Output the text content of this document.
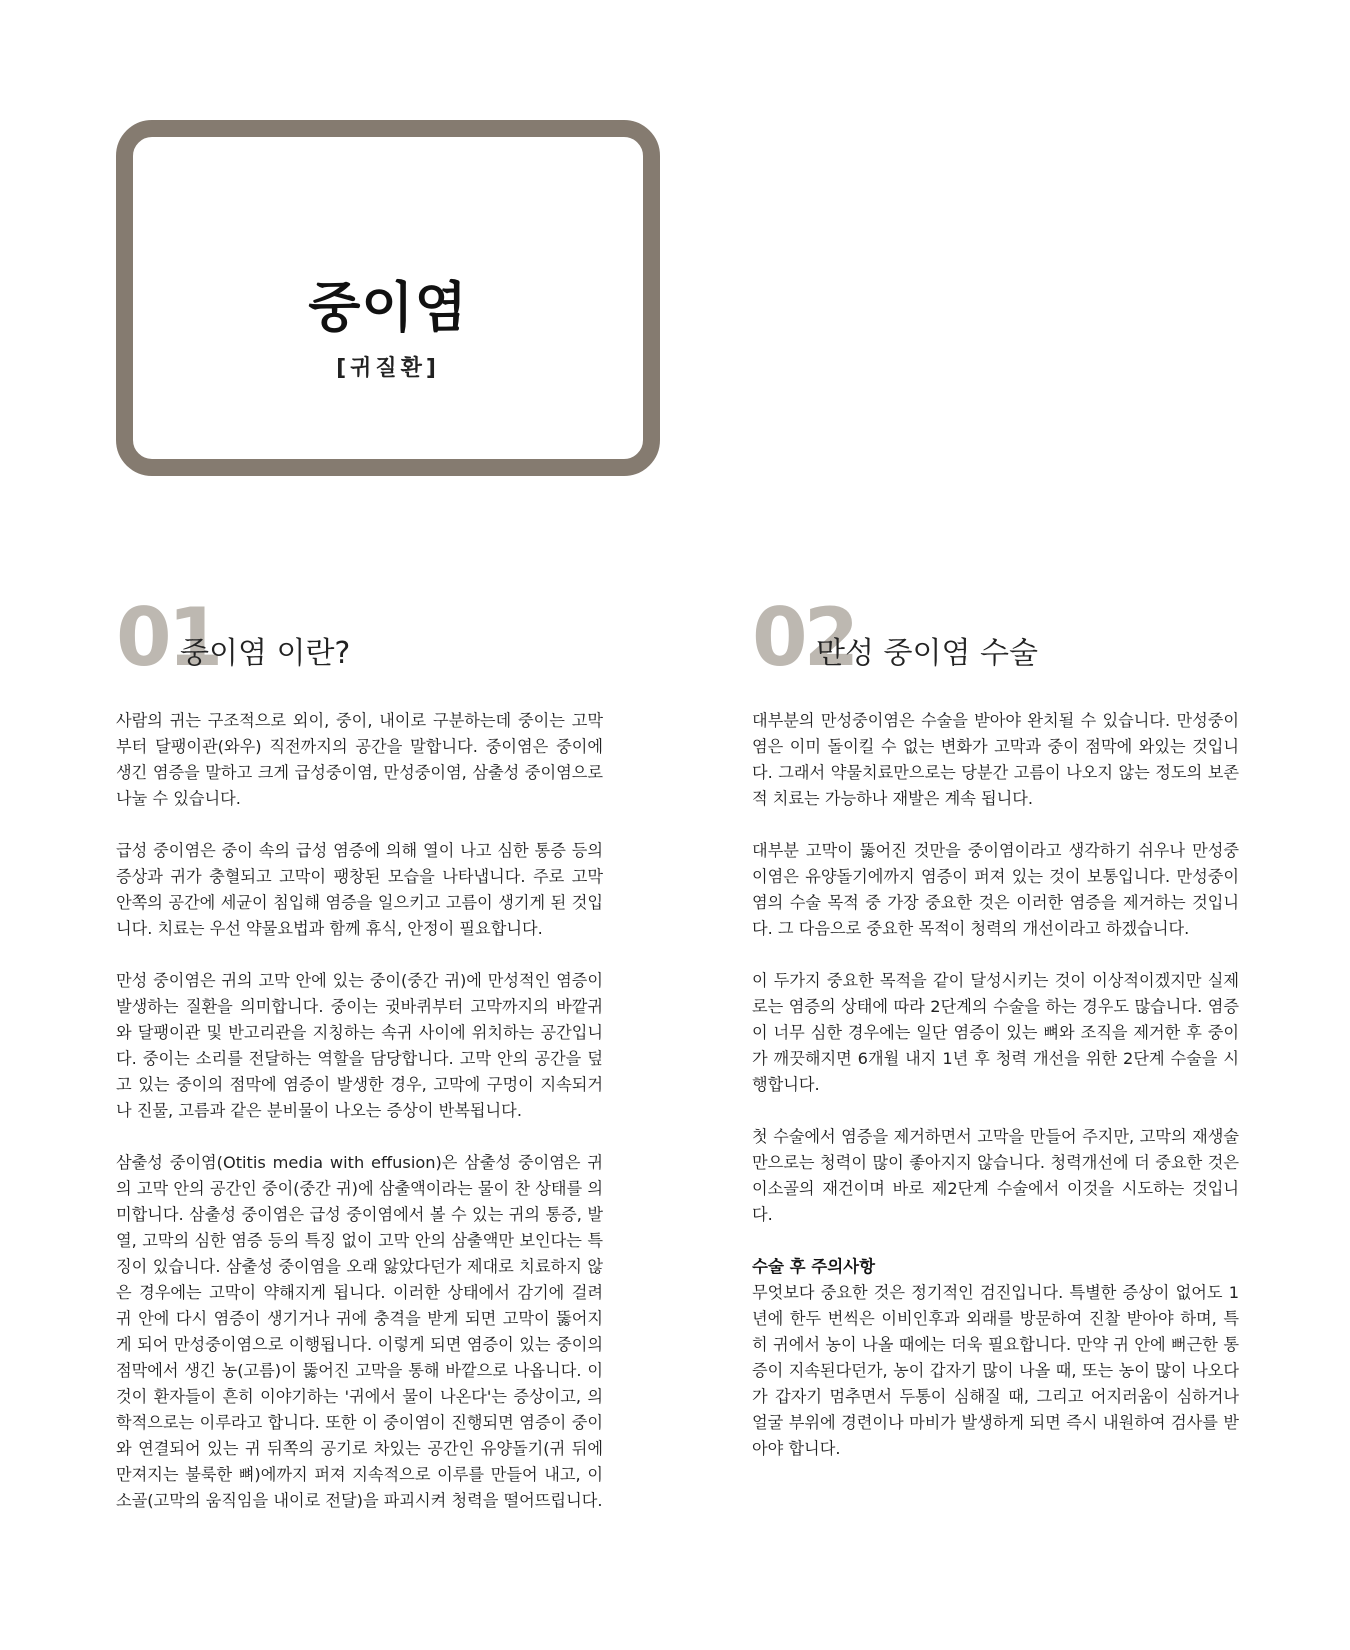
중이염
[귀질환]
01
중이염 이란?

사람의 귀는 구조적으로 외이, 중이, 내이로 구분하는데 중이는 고막부터 달팽이관(와우) 직전까지의 공간을 말합니다. 중이염은 중이에 생긴 염증을 말하고 크게 급성중이염, 만성중이염, 삼출성 중이염으로 나눌 수 있습니다.

급성 중이염은 중이 속의 급성 염증에 의해 열이 나고 심한 통증 등의 증상과 귀가 충혈되고 고막이 팽창된 모습을 나타냅니다. 주로 고막 안쪽의 공간에 세균이 침입해 염증을 일으키고 고름이 생기게 된 것입니다. 치료는 우선 약물요법과 함께 휴식, 안정이 필요합니다.

만성 중이염은 귀의 고막 안에 있는 중이(중간 귀)에 만성적인 염증이 발생하는 질환을 의미합니다. 중이는 귓바퀴부터 고막까지의 바깥귀와 달팽이관 및 반고리관을 지칭하는 속귀 사이에 위치하는 공간입니다. 중이는 소리를 전달하는 역할을 담당합니다. 고막 안의 공간을 덮고 있는 중이의 점막에 염증이 발생한 경우, 고막에 구멍이 지속되거나 진물, 고름과 같은 분비물이 나오는 증상이 반복됩니다.

삼출성 중이염(Otitis media with effusion)은 삼출성 중이염은 귀의 고막 안의 공간인 중이(중간 귀)에 삼출액이라는 물이 찬 상태를 의미합니다. 삼출성 중이염은 급성 중이염에서 볼 수 있는 귀의 통증, 발열, 고막의 심한 염증 등의 특징 없이 고막 안의 삼출액만 보인다는 특징이 있습니다. 삼출성 중이염을 오래 앓았다던가 제대로 치료하지 않은 경우에는 고막이 약해지게 됩니다. 이러한 상태에서 감기에 걸려 귀 안에 다시 염증이 생기거나 귀에 충격을 받게 되면 고막이 뚫어지게 되어 만성중이염으로 이행됩니다. 이렇게 되면 염증이 있는 중이의 점막에서 생긴 농(고름)이 뚫어진 고막을 통해 바깥으로 나옵니다. 이것이 환자들이 흔히 이야기하는 '귀에서 물이 나온다'는 증상이고, 의학적으로는 이루라고 합니다. 또한 이 중이염이 진행되면 염증이 중이와 연결되어 있는 귀 뒤쪽의 공기로 차있는 공간인 유양돌기(귀 뒤에 만져지는 불룩한 뼈)에까지 퍼져 지속적으로 이루를 만들어 내고, 이소골(고막의 움직임을 내이로 전달)을 파괴시켜 청력을 떨어뜨립니다.

02
만성 중이염 수술

대부분의 만성중이염은 수술을 받아야 완치될 수 있습니다. 만성중이염은 이미 돌이킬 수 없는 변화가 고막과 중이 점막에 와있는 것입니다. 그래서 약물치료만으로는 당분간 고름이 나오지 않는 정도의 보존적 치료는 가능하나 재발은 계속 됩니다.

대부분 고막이 뚫어진 것만을 중이염이라고 생각하기 쉬우나 만성중이염은 유양돌기에까지 염증이 퍼져 있는 것이 보통입니다. 만성중이염의 수술 목적 중 가장 중요한 것은 이러한 염증을 제거하는 것입니다. 그 다음으로 중요한 목적이 청력의 개선이라고 하겠습니다.

이 두가지 중요한 목적을 같이 달성시키는 것이 이상적이겠지만 실제로는 염증의 상태에 따라 2단계의 수술을 하는 경우도 많습니다. 염증이 너무 심한 경우에는 일단 염증이 있는 뼈와 조직을 제거한 후 중이가 깨끗해지면 6개월 내지 1년 후 청력 개선을 위한 2단계 수술을 시행합니다.

첫 수술에서 염증을 제거하면서 고막을 만들어 주지만, 고막의 재생술만으로는 청력이 많이 좋아지지 않습니다. 청력개선에 더 중요한 것은 이소골의 재건이며 바로 제2단계 수술에서 이것을 시도하는 것입니다.

수술 후 주의사항

무엇보다 중요한 것은 정기적인 검진입니다. 특별한 증상이 없어도 1년에 한두 번씩은 이비인후과 외래를 방문하여 진찰 받아야 하며, 특히 귀에서 농이 나올 때에는 더욱 필요합니다. 만약 귀 안에 뻐근한 통증이 지속된다던가, 농이 갑자기 많이 나올 때, 또는 농이 많이 나오다가 갑자기 멈추면서 두통이 심해질 때, 그리고 어지러움이 심하거나 얼굴 부위에 경련이나 마비가 발생하게 되면 즉시 내원하여 검사를 받아야 합니다.
